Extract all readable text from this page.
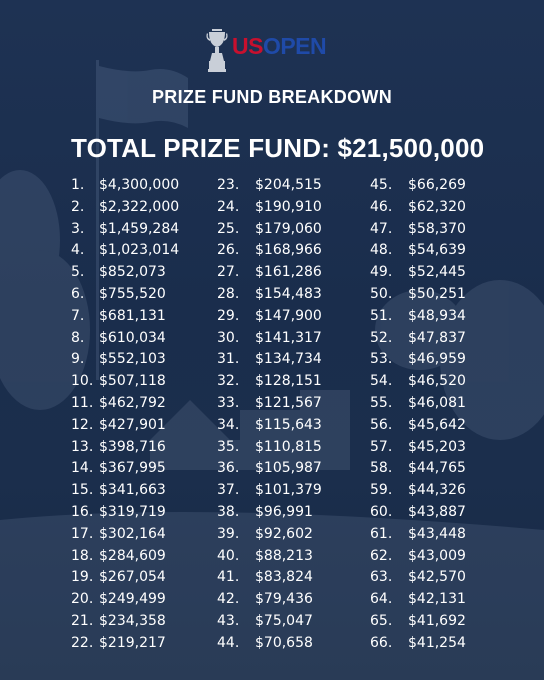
USOPEN
PRIZE FUND BREAKDOWN
TOTAL PRIZE FUND: $21,500,000
1. $4,300,000
2. $2,322,000
3. $1,459,284
4. $1,023,014
5. $852,073
6. $755,520
7. $681,131
8. $610,034
9. $552,103
10. $507,118
11. $462,792
12. $427,901
13. $398,716
14. $367,995
15. $341,663
16. $319,719
17. $302,164
18. $284,609
19. $267,054
20. $249,499
21. $234,358
22. $219,217
23. $204,515
24. $190,910
25. $179,060
26. $168,966
27. $161,286
28. $154,483
29. $147,900
30. $141,317
31. $134,734
32. $128,151
33. $121,567
34. $115,643
35. $110,815
36. $105,987
37. $101,379
38. $96,991
39. $92,602
40. $88,213
41. $83,824
42. $79,436
43. $75,047
44. $70,658
45. $66,269
46. $62,320
47. $58,370
48. $54,639
49. $52,445
50. $50,251
51. $48,934
52. $47,837
53. $46,959
54. $46,520
55. $46,081
56. $45,642
57. $45,203
58. $44,765
59. $44,326
60. $43,887
61. $43,448
62. $43,009
63. $42,570
64. $42,131
65. $41,692
66. $41,254
